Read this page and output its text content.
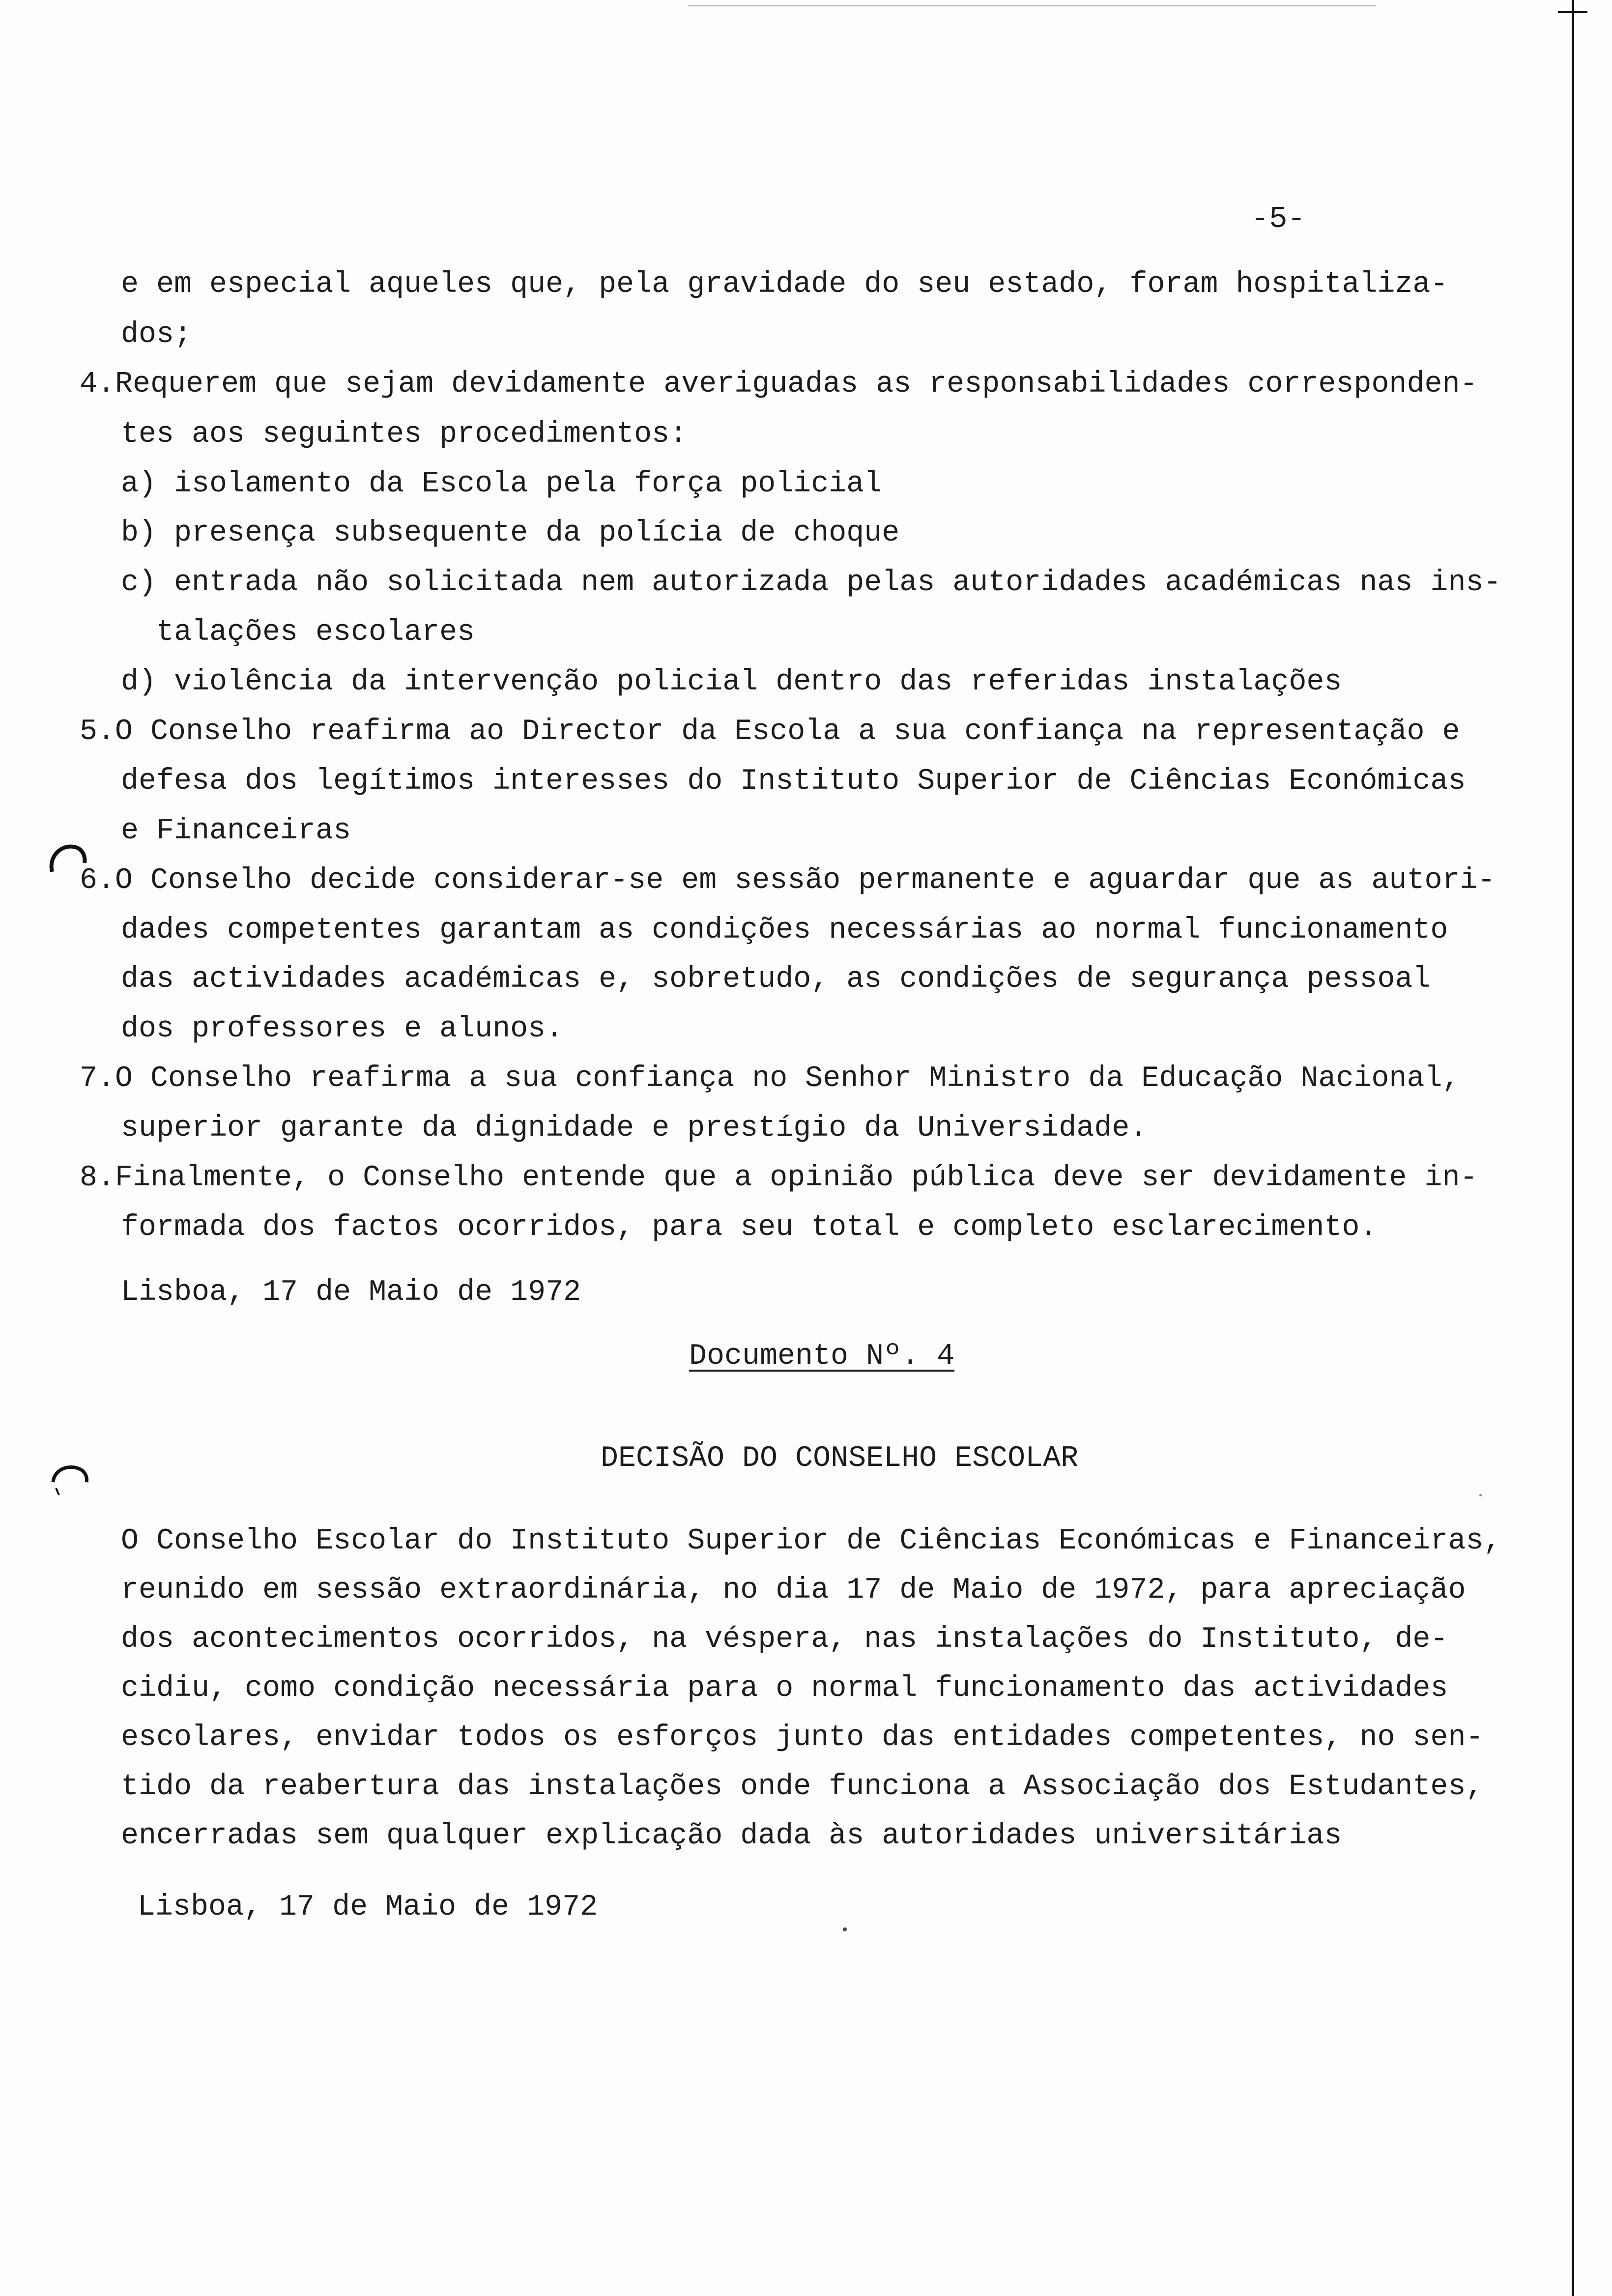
-5-
e em especial aqueles que, pela gravidade do seu estado, foram hospitaliza-
dos;
4.Requerem que sejam devidamente averiguadas as responsabilidades corresponden-
tes aos seguintes procedimentos:
a) isolamento da Escola pela força policial
b) presença subsequente da polícia de choque
c) entrada não solicitada nem autorizada pelas autoridades académicas nas ins-
talações escolares
d) violência da intervenção policial dentro das referidas instalações
5.O Conselho reafirma ao Director da Escola a sua confiança na representação e
defesa dos legítimos interesses do Instituto Superior de Ciências Económicas
e Financeiras
6.O Conselho decide considerar-se em sessão permanente e aguardar que as autori-
dades competentes garantam as condições necessárias ao normal funcionamento
das actividades académicas e, sobretudo, as condições de segurança pessoal
dos professores e alunos.
7.O Conselho reafirma a sua confiança no Senhor Ministro da Educação Nacional,
superior garante da dignidade e prestígio da Universidade.
8.Finalmente, o Conselho entende que a opinião pública deve ser devidamente in-
formada dos factos ocorridos, para seu total e completo esclarecimento.
Lisboa, 17 de Maio de 1972
Documento Nº. 4
DECISÃO DO CONSELHO ESCOLAR
O Conselho Escolar do Instituto Superior de Ciências Económicas e Financeiras,
reunido em sessão extraordinária, no dia 17 de Maio de 1972, para apreciação
dos acontecimentos ocorridos, na véspera, nas instalações do Instituto, de-
cidiu, como condição necessária para o normal funcionamento das actividades
escolares, envidar todos os esforços junto das entidades competentes, no sen-
tido da reabertura das instalações onde funciona a Associação dos Estudantes,
encerradas sem qualquer explicação dada às autoridades universitárias
Lisboa, 17 de Maio de 1972
